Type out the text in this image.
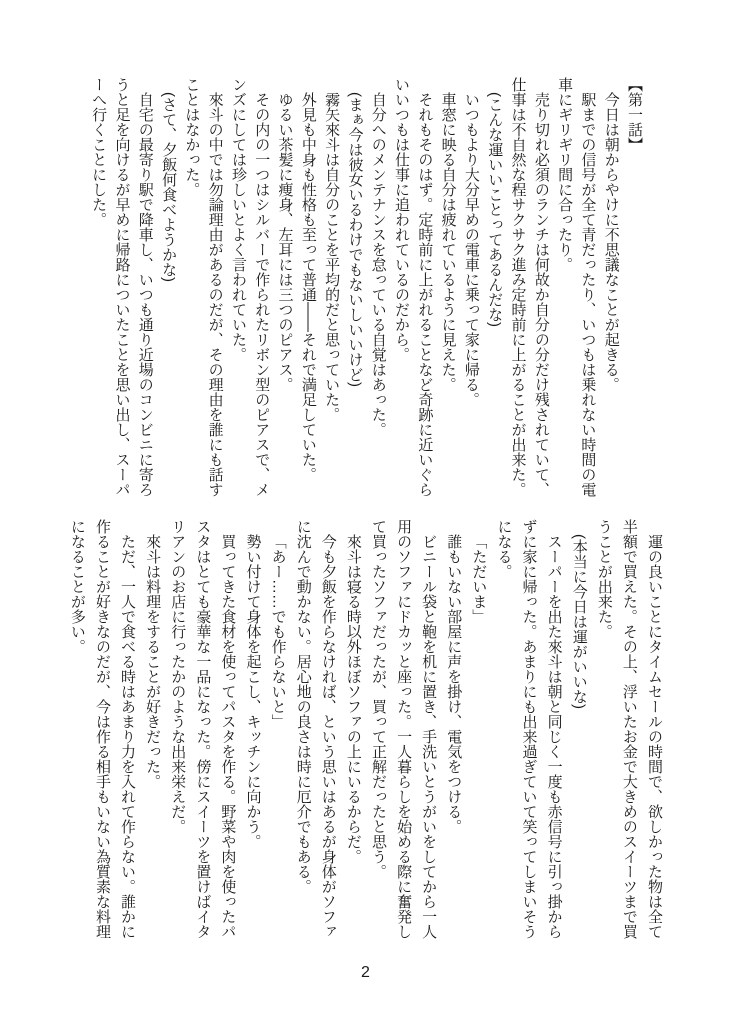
【第一話】
今日は朝からやけに不思議なことが起きる。
駅までの信号が全て青だったり、いつもは乗れない時間の電
車にギリギリ間に合ったり。
売り切れ必須のランチは何故か自分の分だけ残されていて、
仕事は不自然な程サクサク進み定時前に上がることが出来た。
(こんな運いいことってあるんだな)
いつもより大分早めの電車に乗って家に帰る。
車窓に映る自分は疲れているように見えた。
それもそのはず。定時前に上がれることなど奇跡に近いぐら
いいつもは仕事に追われているのだから。
自分へのメンテナンスを怠っている自覚はあった。
(まぁ今は彼女いるわけでもないしいいけど)
霧矢來斗は自分のことを平均的だと思っていた。
外見も中身も性格も至って普通――それで満足していた。
ゆるい茶髪に痩身、左耳には三つのピアス。
その内の一つはシルバーで作られたリボン型のピアスで、メ
ンズにしては珍しいとよく言われていた。
來斗の中では勿論理由があるのだが、その理由を誰にも話す
ことはなかった。
(さて、夕飯何食べようかな)
自宅の最寄り駅で降車し、いつも通り近場のコンビニに寄ろ
うと足を向けるが早めに帰路についたことを思い出し、スーパ
ーへ行くことにした。
運の良いことにタイムセールの時間で、欲しかった物は全て
半額で買えた。その上、浮いたお金で大きめのスイーツまで買
うことが出来た。
(本当に今日は運がいいな)
スーパーを出た來斗は朝と同じく一度も赤信号に引っ掛から
ずに家に帰った。あまりにも出来過ぎていて笑ってしまいそう
になる。
「ただいま」
誰もいない部屋に声を掛け、電気をつける。
ビニール袋と鞄を机に置き、手洗いとうがいをしてから一人
用のソファにドカッと座った。一人暮らしを始める際に奮発し
て買ったソファだったが、買って正解だったと思う。
來斗は寝る時以外ほぼソファの上にいるからだ。
今も夕飯を作らなければ、という思いはあるが身体がソファ
に沈んで動かない。居心地の良さは時に厄介でもある。
「あー……でも作らないと」
勢い付けて身体を起こし、キッチンに向かう。
買ってきた食材を使ってパスタを作る。野菜や肉を使ったパ
スタはとても豪華な一品になった。傍にスイーツを置けばイタ
リアンのお店に行ったかのような出来栄えだ。
來斗は料理をすることが好きだった。
ただ、一人で食べる時はあまり力を入れて作らない。誰かに
作ることが好きなのだが、今は作る相手もいない為質素な料理
になることが多い。
2
